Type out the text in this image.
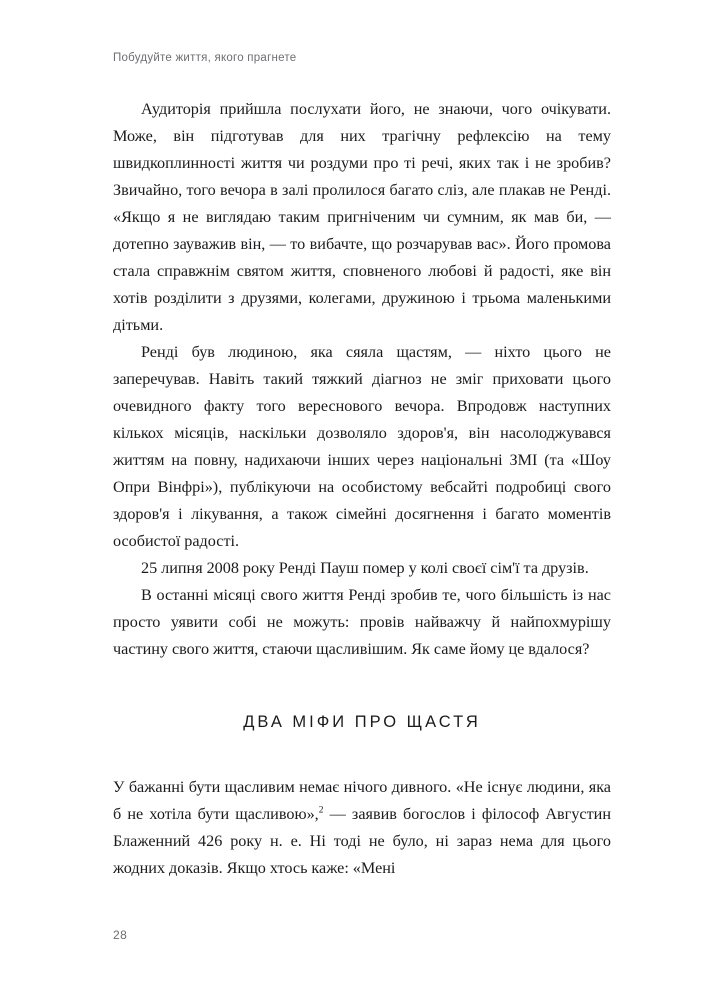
Побудуйте життя, якого прагнете

Аудиторія прийшла послухати його, не знаючи, чого очікувати. Може, він підготував для них трагічну рефлексію на тему швидкоплинності життя чи роздуми про ті речі, яких так і не зробив? Звичайно, того вечора в залі пролилося багато сліз, але плакав не Ренді. «Якщо я не виглядаю таким пригніченим чи сумним, як мав би, — дотепно зауважив він, — то вибачте, що розчарував вас». Його промова стала справжнім святом життя, сповненого любові й радості, яке він хотів розділити з друзями, колегами, дружиною і трьома маленькими дітьми.

Ренді був людиною, яка сяяла щастям, — ніхто цього не заперечував. Навіть такий тяжкий діагноз не зміг приховати цього очевидного факту того вереснового вечора. Впродовж наступних кількох місяців, наскільки дозволяло здоров'я, він насолоджувався життям на повну, надихаючи інших через національні ЗМІ (та «Шоу Опри Вінфрі»), публікуючи на особистому вебсайті подробиці свого здоров'я і лікування, а також сімейні досягнення і багато моментів особистої радості.

25 липня 2008 року Ренді Пауш помер у колі своєї сім'ї та друзів.

В останні місяці свого життя Ренді зробив те, чого більшість із нас просто уявити собі не можуть: провів найважчу й найпохмурішу частину свого життя, стаючи щасливішим. Як саме йому це вдалося?

ДВА МІФИ ПРО ЩАСТЯ

У бажанні бути щасливим немає нічого дивного. «Не існує людини, яка б не хотіла бути щасливою»,$^2$ — заявив богослов і філософ Августин Блаженний 426 року н. е. Ні тоді не було, ні зараз нема для цього жодних доказів. Якщо хтось каже: «Мені

28
